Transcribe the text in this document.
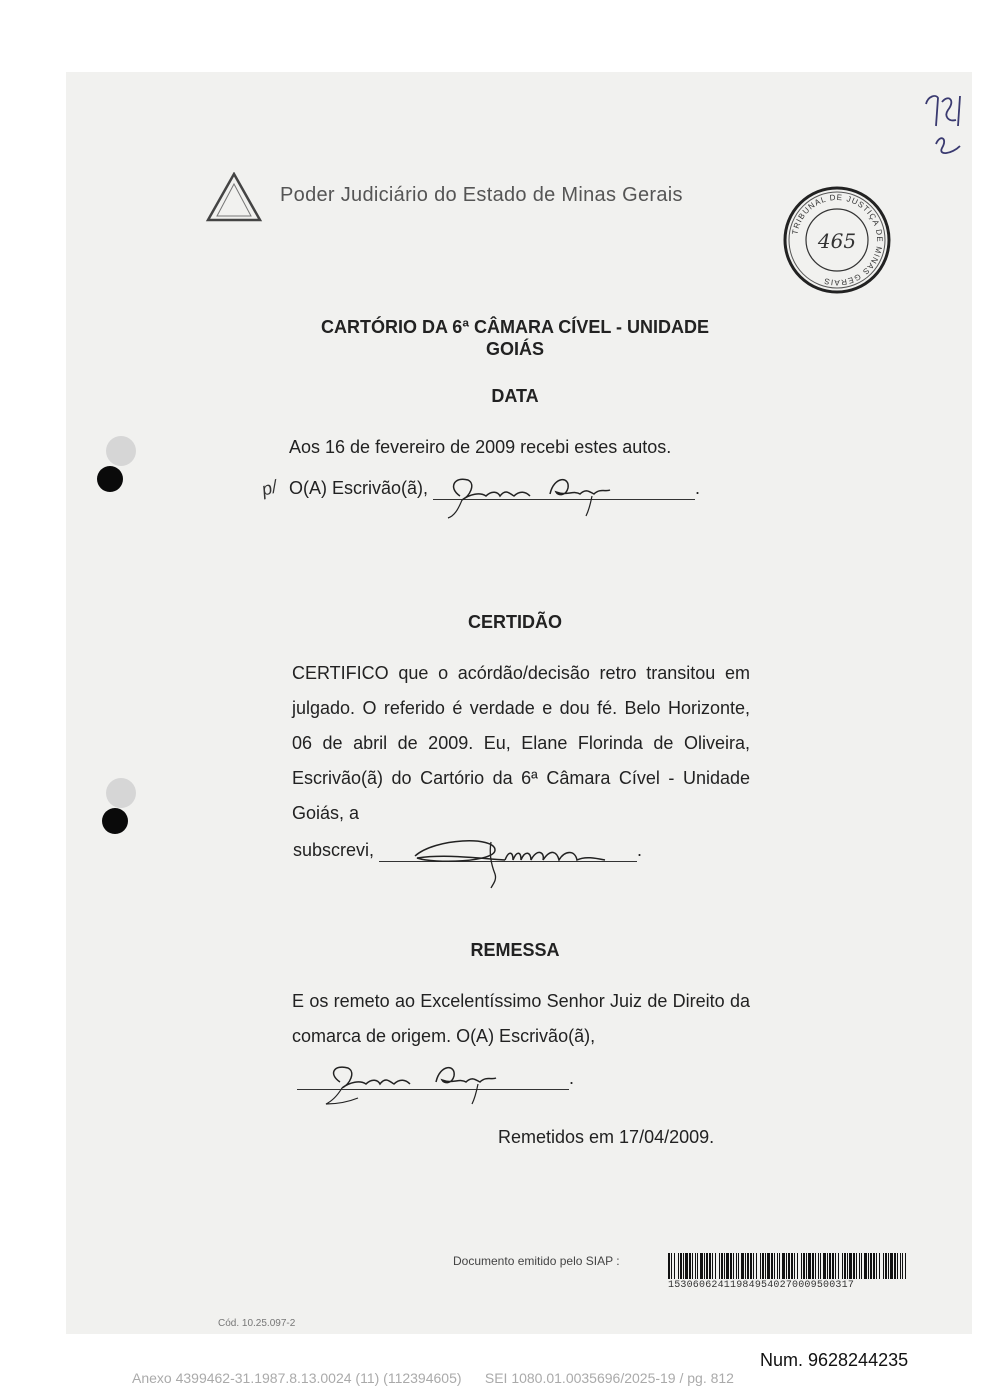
Poder Judiciário do Estado de Minas Gerais
TRIBUNAL DE JUSTIÇA DE MINAS GERAIS
465
CARTÓRIO DA 6ª CÂMARA CÍVEL - UNIDADE
GOIÁS
DATA
Aos 16 de fevereiro de 2009 recebi estes autos.
p/ O(A) Escrivão(ã),	.
CERTIDÃO
CERTIFICO que o acórdão/decisão retro transitou em julgado. O referido é verdade e dou fé. Belo Horizonte, 06 de abril de 2009. Eu, Elane Florinda de Oliveira, Escrivão(ã) do Cartório da 6ª Câmara Cível - Unidade Goiás, a
subscrevi,	.
REMESSA
E os remeto ao Excelentíssimo Senhor Juiz de Direito da comarca de origem. O(A) Escrivão(ã),
.
Remetidos em 17/04/2009.
Documento emitido pelo SIAP :
153060624119849540270009500317
Cód. 10.25.097-2
Num. 9628244235
Anexo 4399462-31.1987.8.13.0024 (11) (112394605)      SEI 1080.01.0035696/2025-19 / pg. 812
